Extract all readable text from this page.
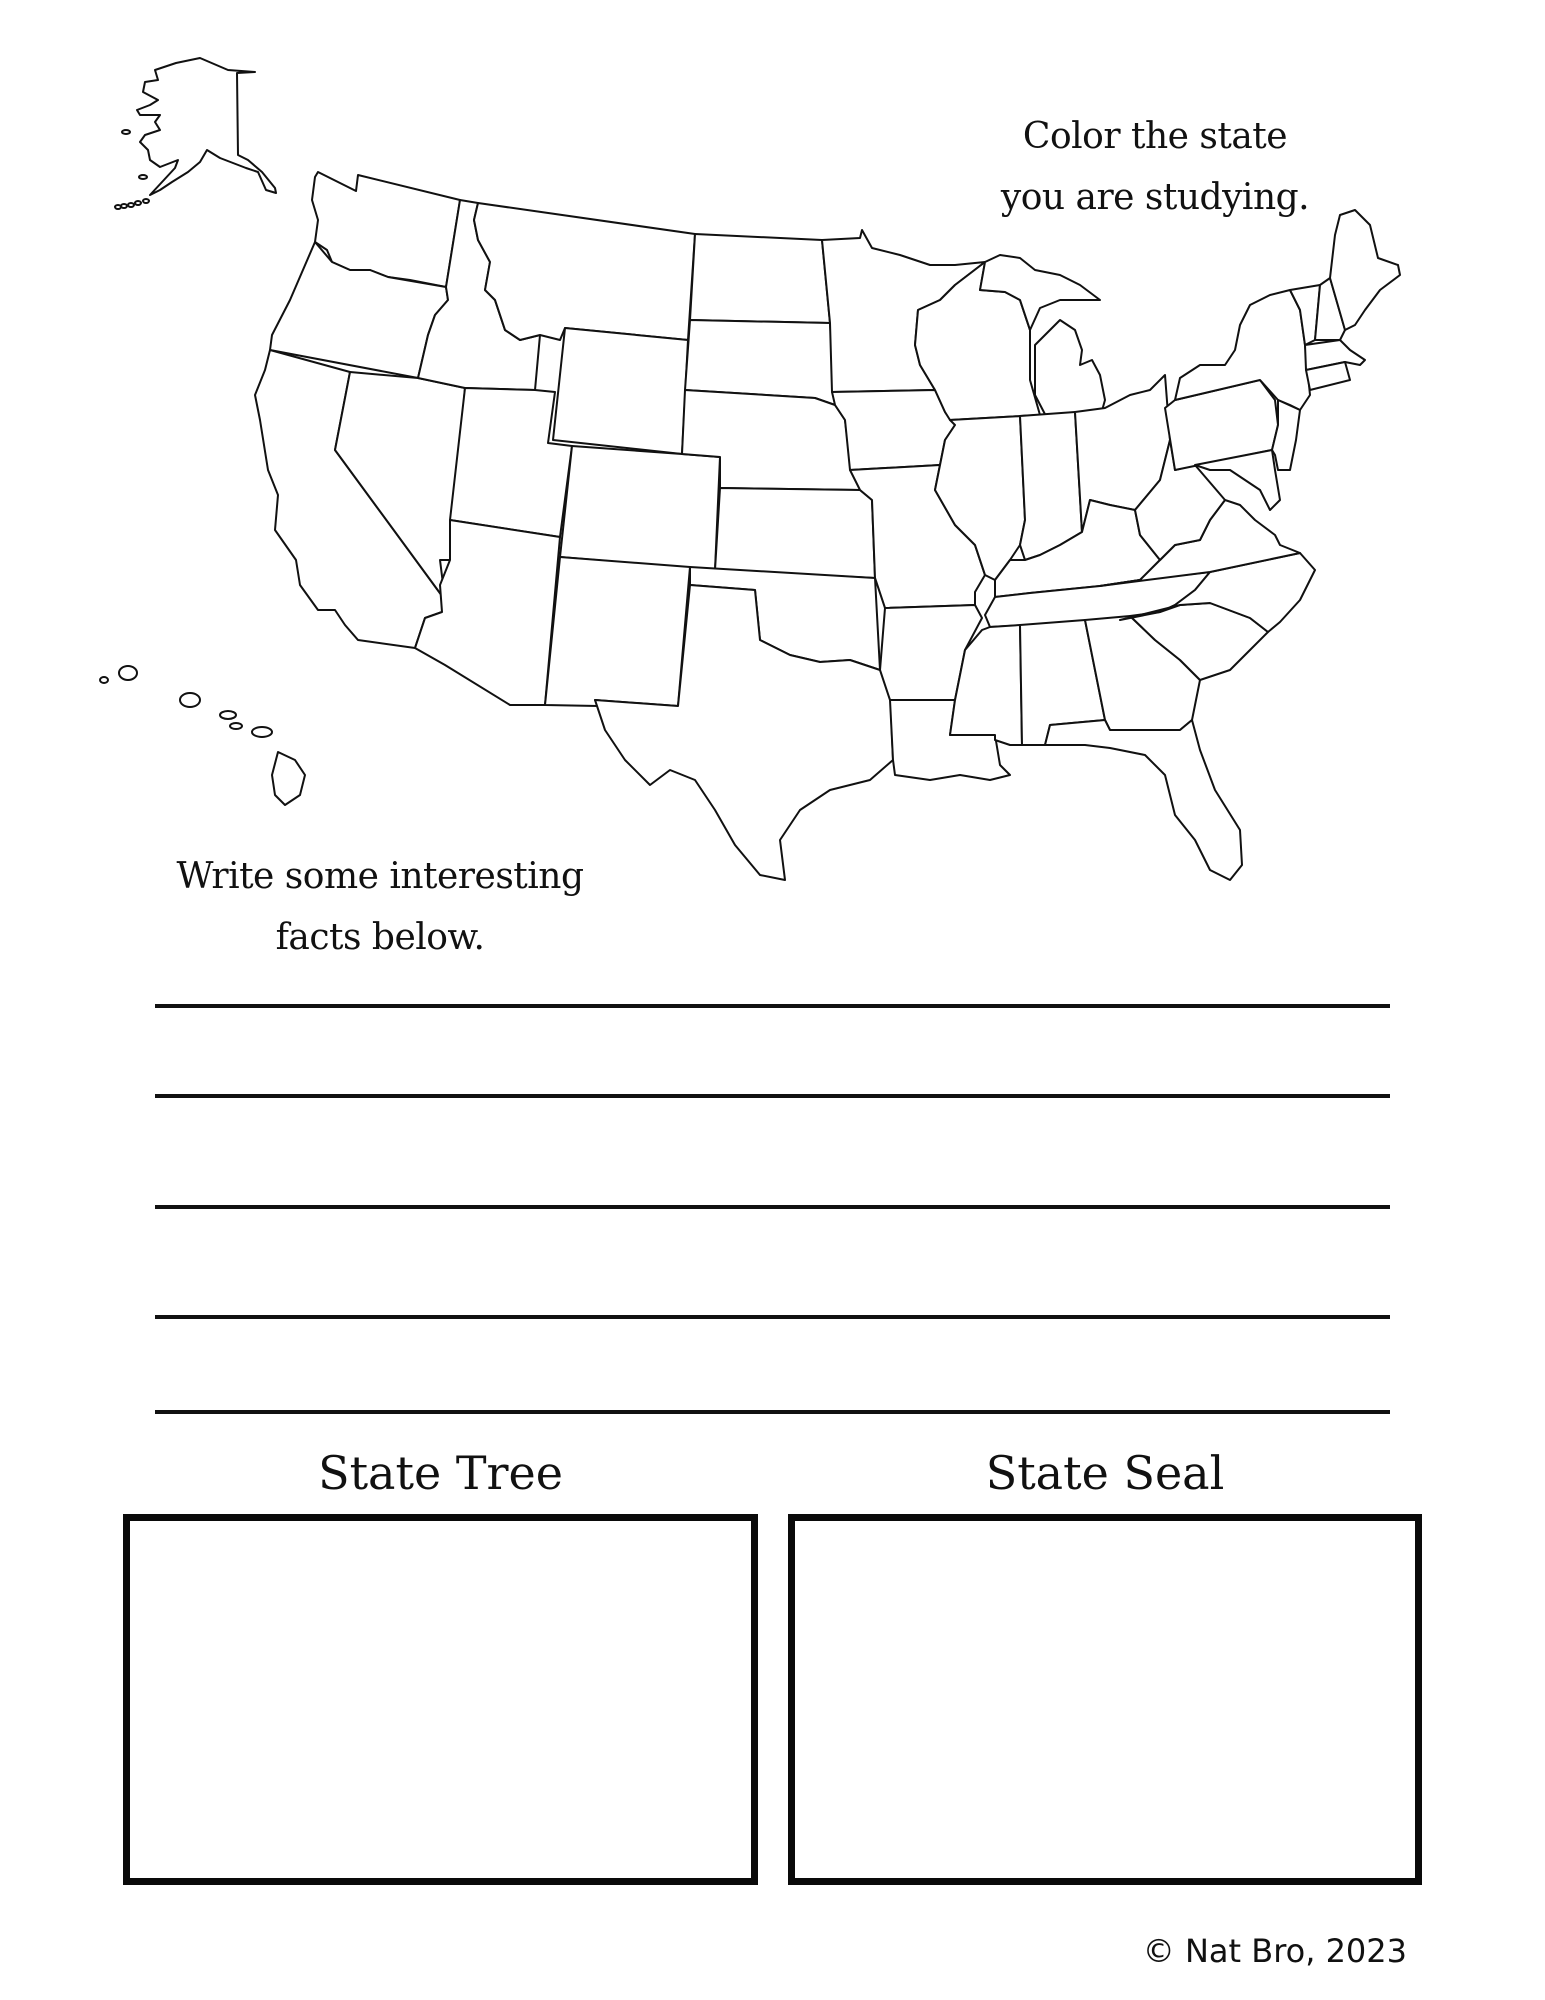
Color the state
you are studying.
Write some interesting
facts below.
State Tree	State Seal
© Nat Bro, 2023
